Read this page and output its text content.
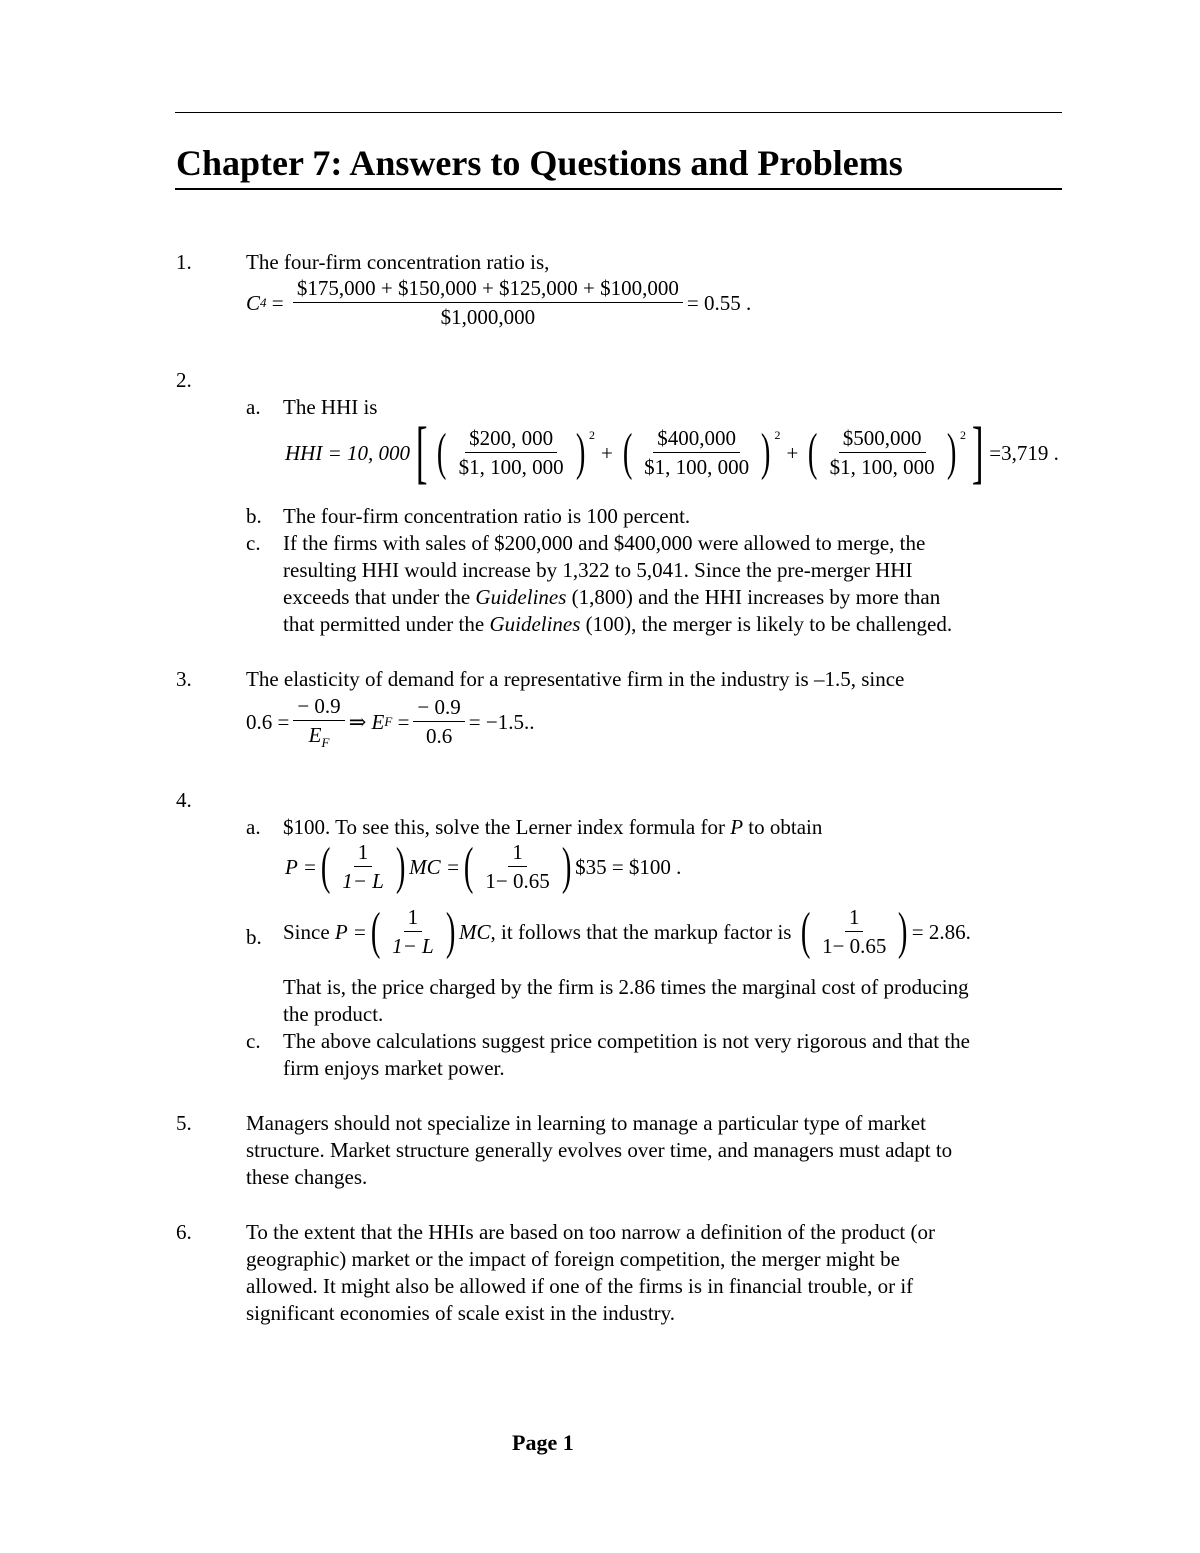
Chapter 7: Answers to Questions and Problems
1.	The four-firm concentration ratio is,
C $4 = \frac{\$175,000 + \$150,000 + \$125,000 + \$100,000}{\$1,000,000} = 0.55$ .
2.
a. The HHI is
HHI = 10, 000 [ ( $\frac{\$200, 000}{\$1, 100, 000}$ ) $^2$
+ ( $\frac{\$400,000}{\$1, 100, 000}$ ) $^2$
+ ( $\frac{\$500,000}{\$1, 100, 000}$ ) $^2$ ] =3,719 .
b. The four-firm concentration ratio is 100 percent.
c. If the firms with sales of $200,000 and $400,000 were allowed to merge, the
resulting HHI would increase by 1,322 to 5,041. Since the pre-merger HHI
exceeds that under the Guidelines (1,800) and the HHI increases by more than
that permitted under the Guidelines (100), the merger is likely to be challenged.
3.	The elasticity of demand for a representative firm in the industry is –1.5, since
$0.6 = \frac{- 0.9}{E_F}$ ⇒
E F
= $\frac{- 0.9}{0.6} = -1.5$..
4.
a. $100. To see this, solve the Lerner index formula for P to obtain
P = ( $\frac{1}{1- L}$ ) MC = ( $\frac{1}{1- 0.65}$ ) $35 = $100 .
b. Since
P = ( $\frac{1}{1- L}$ ) MC , it follows that the markup factor is
( $\frac{1}{1- 0.65}$ ) = 2.86.
That is, the price charged by the firm is 2.86 times the marginal cost of producing
the product.
c. The above calculations suggest price competition is not very rigorous and that the
firm enjoys market power.
5.	Managers should not specialize in learning to manage a particular type of market
structure. Market structure generally evolves over time, and managers must adapt to
these changes.
6.	To the extent that the HHIs are based on too narrow a definition of the product (or
geographic) market or the impact of foreign competition, the merger might be
allowed. It might also be allowed if one of the firms is in financial trouble, or if
significant economies of scale exist in the industry.
Page 1
